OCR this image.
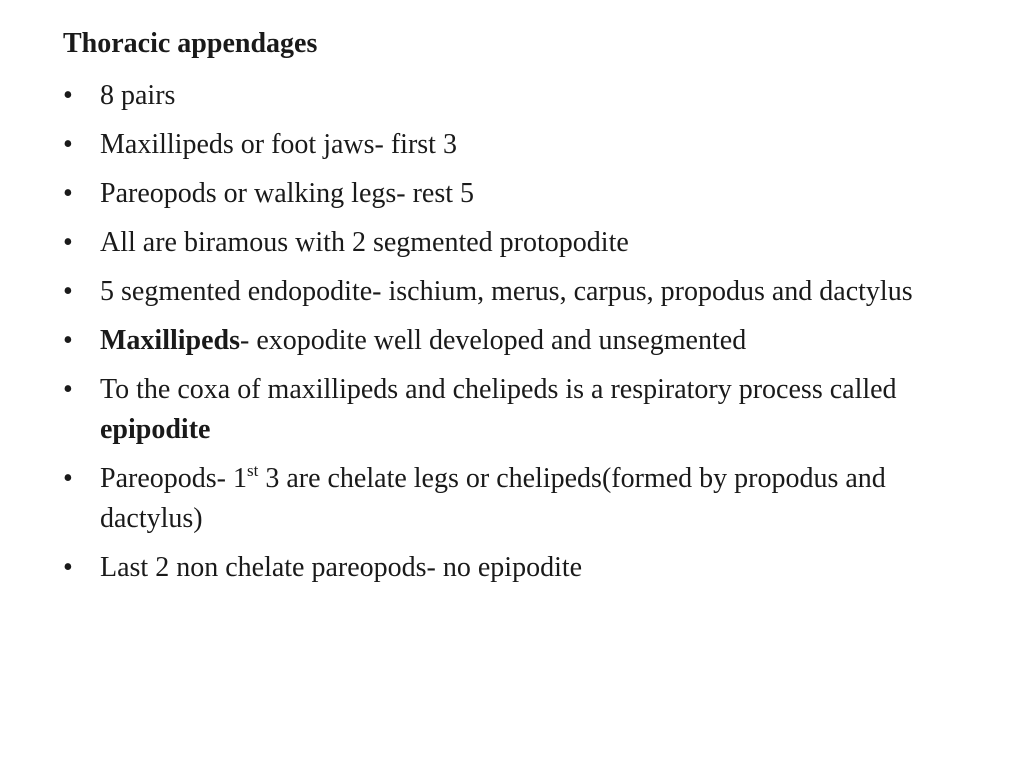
Thoracic appendages
• 8 pairs
• Maxillipeds or foot jaws- first 3
• Pareopods or walking legs- rest 5
• All are biramous with 2 segmented protopodite
• 5 segmented endopodite- ischium, merus, carpus, propodus and dactylus
• Maxillipeds- exopodite well developed and unsegmented
• To the coxa of maxillipeds and chelipeds is a respiratory process called epipodite
• Pareopods- 1st 3 are chelate legs or chelipeds(formed by propodus and dactylus)
• Last 2 non chelate pareopods- no epipodite
